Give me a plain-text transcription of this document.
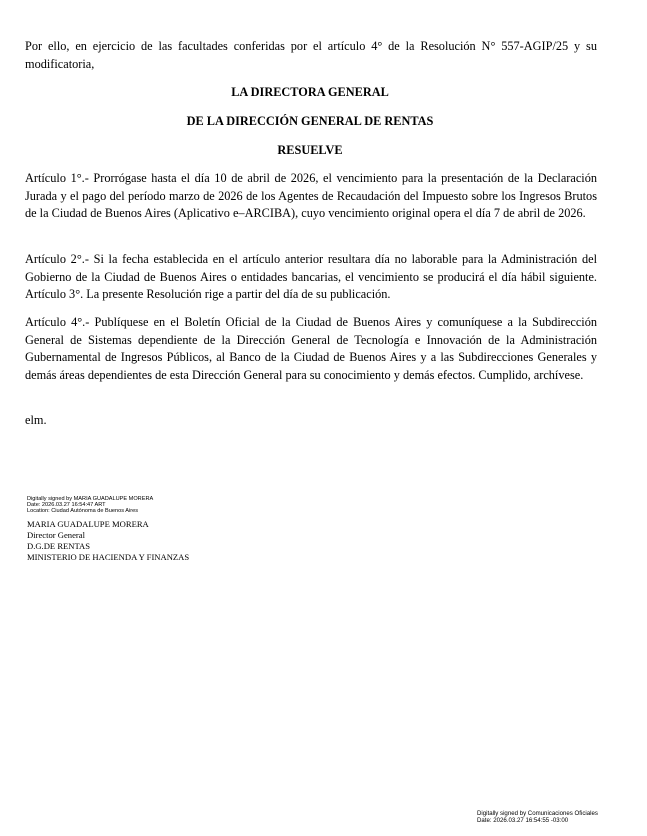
Por ello, en ejercicio de las facultades conferidas por el artículo 4° de la Resolución N° 557-AGIP/25 y su modificatoria,
LA DIRECTORA GENERAL
DE LA DIRECCIÓN GENERAL DE RENTAS
RESUELVE
Artículo 1°.- Prorrógase hasta el día 10 de abril de 2026, el vencimiento para la presentación de la Declaración Jurada y el pago del período marzo de 2026 de los Agentes de Recaudación del Impuesto sobre los Ingresos Brutos de la Ciudad de Buenos Aires (Aplicativo e–ARCIBA), cuyo vencimiento original opera el día 7 de abril de 2026.
Artículo 2°.- Si la fecha establecida en el artículo anterior resultara día no laborable para la Administración del Gobierno de la Ciudad de Buenos Aires o entidades bancarias, el vencimiento se producirá el día hábil siguiente. Artículo 3°. La presente Resolución rige a partir del día de su publicación.
Artículo 4°.- Publíquese en el Boletín Oficial de la Ciudad de Buenos Aires y comuníquese a la Subdirección General de Sistemas dependiente de la Dirección General de Tecnología e Innovación de la Administración Gubernamental de Ingresos Públicos, al Banco de la Ciudad de Buenos Aires y a las Subdirecciones Generales y demás áreas dependientes de esta Dirección General para su conocimiento y demás efectos. Cumplido, archívese.
elm.
Digitally signed by MARIA GUADALUPE MORERA
Date: 2026.03.27 16:54:47 ART
Location: Ciudad Autónoma de Buenos Aires
MARIA GUADALUPE MORERA
Director General
D.G.DE RENTAS
MINISTERIO DE HACIENDA Y FINANZAS
Digitally signed by Comunicaciones Oficiales
Date: 2026.03.27 16:54:55 -03:00
